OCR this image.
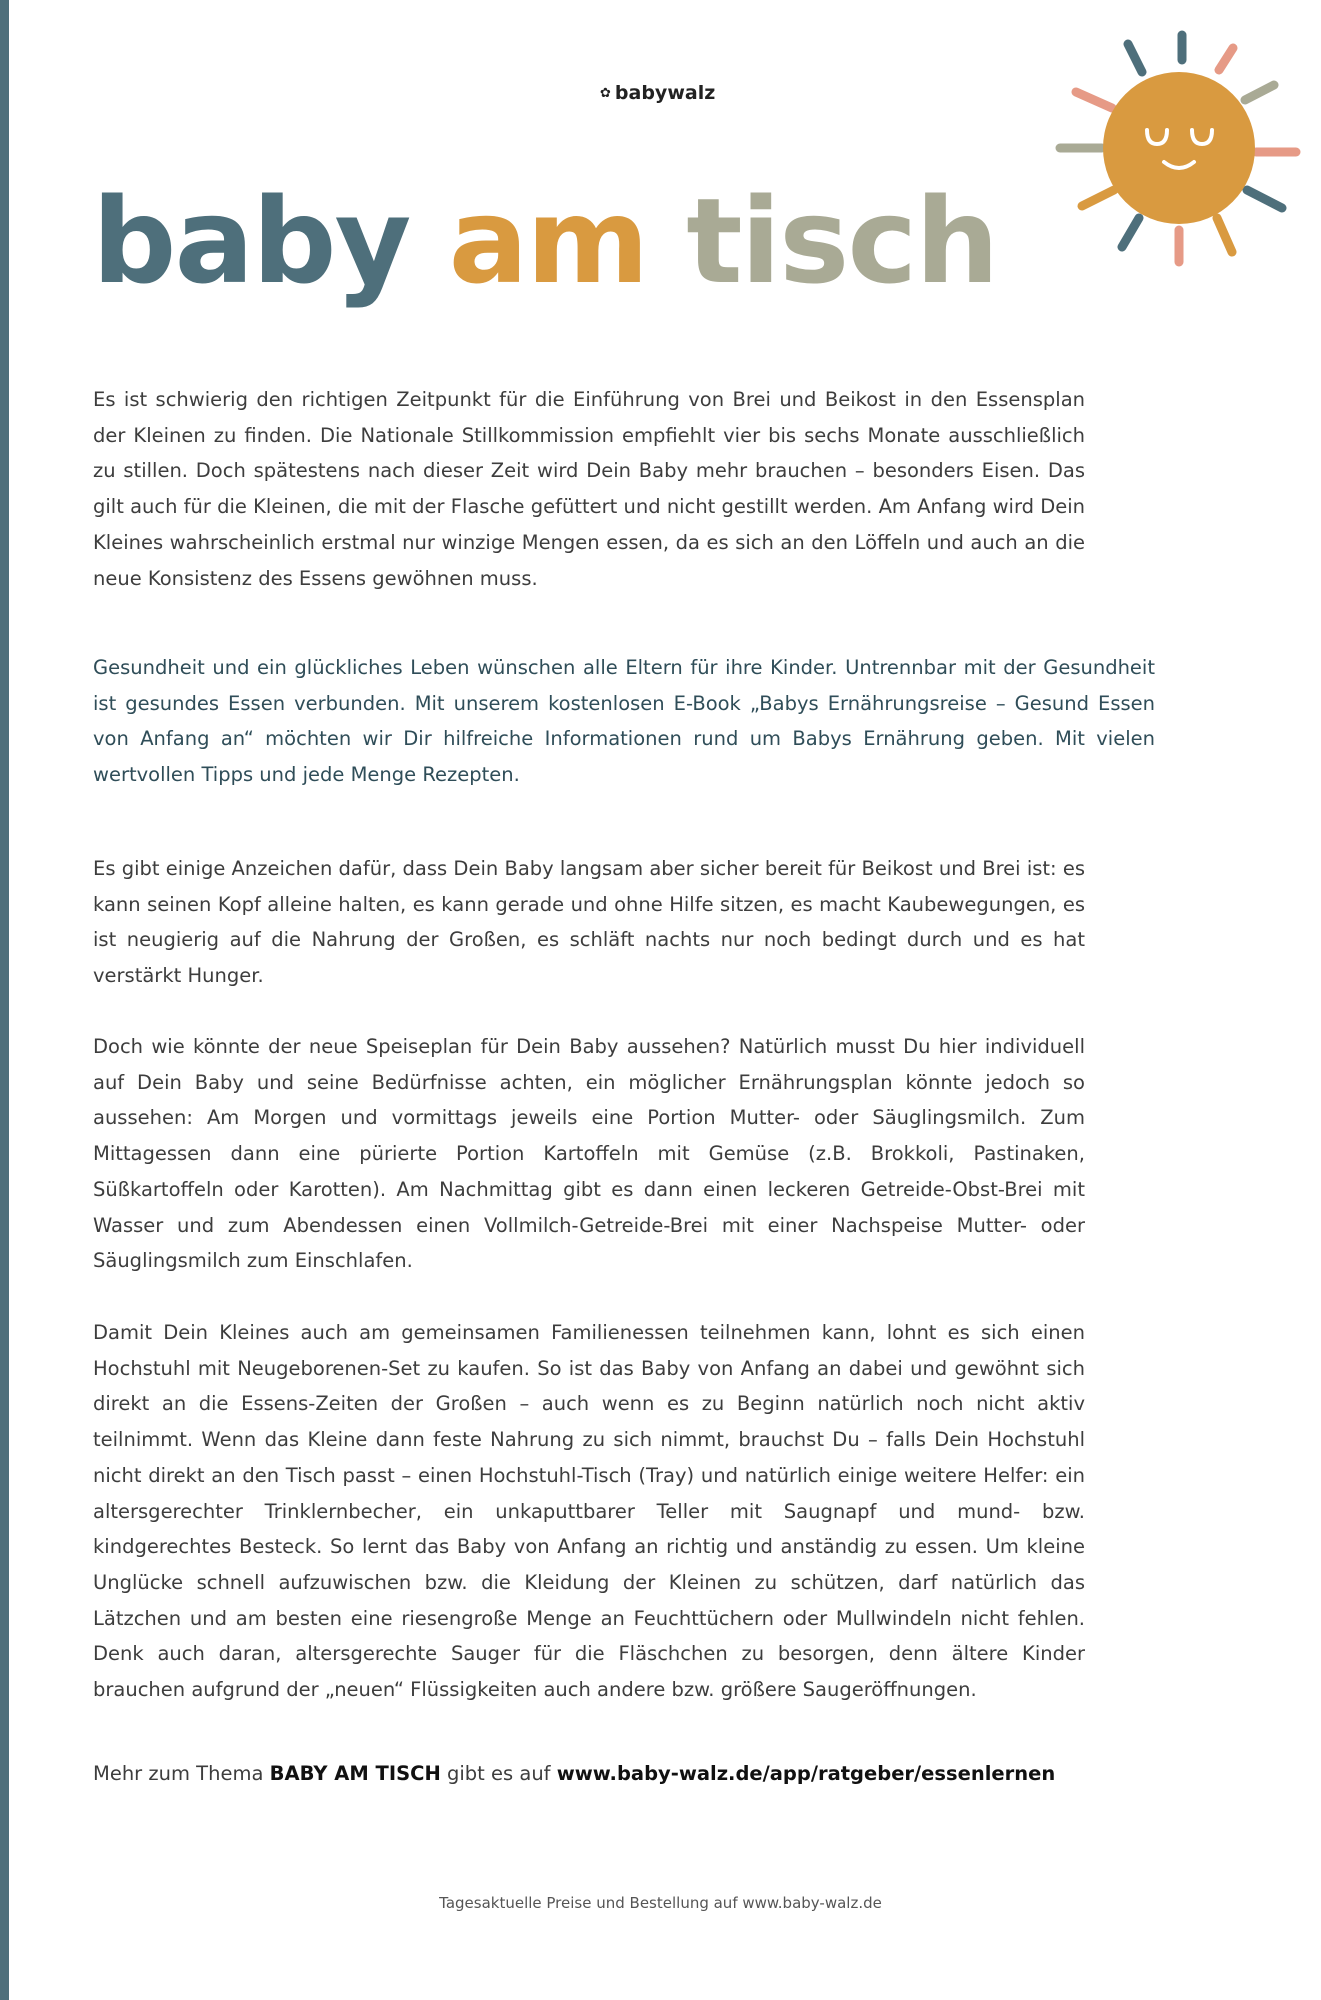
✿ babywalz
baby am tisch

Es ist schwierig den richtigen Zeitpunkt für die Einführung von Brei und Beikost in den Essensplan der Kleinen zu finden. Die Nationale Stillkommission empfiehlt vier bis sechs Monate ausschließlich zu stillen. Doch spätestens nach dieser Zeit wird Dein Baby mehr brauchen – besonders Eisen. Das gilt auch für die Kleinen, die mit der Flasche gefüttert und nicht gestillt werden. Am Anfang wird Dein Kleines wahrscheinlich erstmal nur winzige Mengen essen, da es sich an den Löffeln und auch an die neue Konsistenz des Essens gewöhnen muss.

Gesundheit und ein glückliches Leben wünschen alle Eltern für ihre Kinder. Untrennbar mit der Gesundheit ist gesundes Essen verbunden. Mit unserem kostenlosen E-Book „Babys Ernährungsreise – Gesund Essen von Anfang an“ möchten wir Dir hilfreiche Informationen rund um Babys Ernährung geben. Mit vielen wertvollen Tipps und jede Menge Rezepten.

Es gibt einige Anzeichen dafür, dass Dein Baby langsam aber sicher bereit für Beikost und Brei ist: es kann seinen Kopf alleine halten, es kann gerade und ohne Hilfe sitzen, es macht Kaubewegungen, es ist neugierig auf die Nahrung der Großen, es schläft nachts nur noch bedingt durch und es hat verstärkt Hunger.

Doch wie könnte der neue Speiseplan für Dein Baby aussehen? Natürlich musst Du hier individuell auf Dein Baby und seine Bedürfnisse achten, ein möglicher Ernährungsplan könnte jedoch so aussehen: Am Morgen und vormittags jeweils eine Portion Mutter- oder Säuglingsmilch. Zum Mittagessen dann eine pürierte Portion Kartoffeln mit Gemüse (z.B. Brokkoli, Pastinaken, Süßkartoffeln oder Karotten). Am Nachmittag gibt es dann einen leckeren Getreide-Obst-Brei mit Wasser und zum Abendessen einen Vollmilch-Getreide-Brei mit einer Nachspeise Mutter- oder Säuglingsmilch zum Einschlafen.

Damit Dein Kleines auch am gemeinsamen Familienessen teilnehmen kann, lohnt es sich einen Hochstuhl mit Neugeborenen-Set zu kaufen. So ist das Baby von Anfang an dabei und gewöhnt sich direkt an die Essens-Zeiten der Großen – auch wenn es zu Beginn natürlich noch nicht aktiv teilnimmt. Wenn das Kleine dann feste Nahrung zu sich nimmt, brauchst Du – falls Dein Hochstuhl nicht direkt an den Tisch passt – einen Hochstuhl-Tisch (Tray) und natürlich einige weitere Helfer: ein altersgerechter Trinklernbecher, ein unkaputtbarer Teller mit Saugnapf und mund- bzw. kindgerechtes Besteck. So lernt das Baby von Anfang an richtig und anständig zu essen. Um kleine Unglücke schnell aufzuwischen bzw. die Kleidung der Kleinen zu schützen, darf natürlich das Lätzchen und am besten eine riesengroße Menge an Feuchttüchern oder Mullwindeln nicht fehlen. Denk auch daran, altersgerechte Sauger für die Fläschchen zu besorgen, denn ältere Kinder brauchen aufgrund der „neuen“ Flüssigkeiten auch andere bzw. größere Saugeröffnungen.

Mehr zum Thema BABY AM TISCH gibt es auf www.baby-walz.de/app/ratgeber/essenlernen

Tagesaktuelle Preise und Bestellung auf www.baby-walz.de
